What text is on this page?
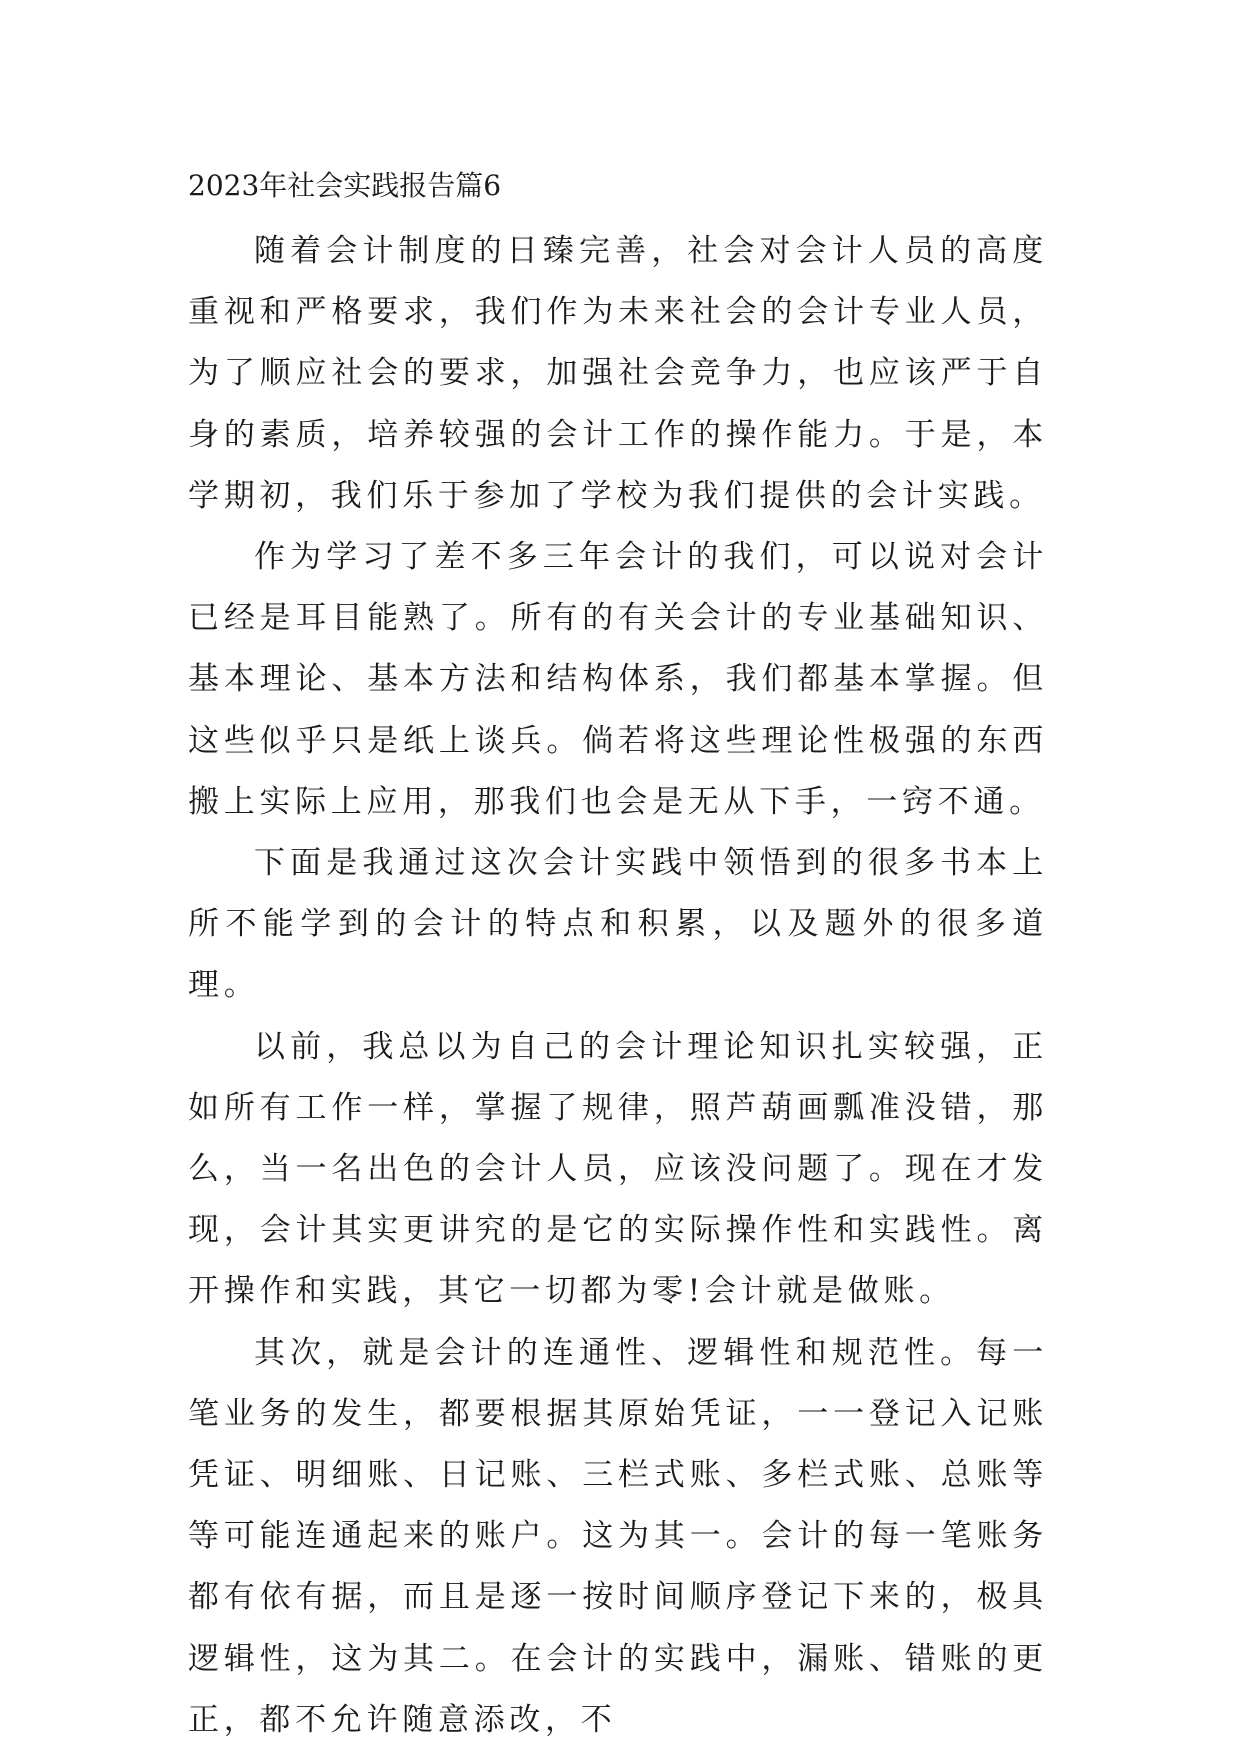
2023年社会实践报告篇6

随着会计制度的日臻完善，社会对会计人员的高度重视和严格要求，我们作为未来社会的会计专业人员，为了顺应社会的要求，加强社会竞争力，也应该严于自身的素质，培养较强的会计工作的操作能力。于是，本学期初，我们乐于参加了学校为我们提供的会计实践。

作为学习了差不多三年会计的我们，可以说对会计已经是耳目能熟了。所有的有关会计的专业基础知识、基本理论、基本方法和结构体系，我们都基本掌握。但这些似乎只是纸上谈兵。倘若将这些理论性极强的东西搬上实际上应用，那我们也会是无从下手，一窍不通。

下面是我通过这次会计实践中领悟到的很多书本上所不能学到的会计的特点和积累，以及题外的很多道理。

以前，我总以为自己的会计理论知识扎实较强，正如所有工作一样，掌握了规律，照芦葫画瓢准没错，那么，当一名出色的会计人员，应该没问题了。现在才发现，会计其实更讲究的是它的实际操作性和实践性。离开操作和实践，其它一切都为零!会计就是做账。

其次，就是会计的连通性、逻辑性和规范性。每一笔业务的发生，都要根据其原始凭证，一一登记入记账凭证、明细账、日记账、三栏式账、多栏式账、总账等等可能连通起来的账户。这为其一。会计的每一笔账务都有依有据，而且是逐一按时间顺序登记下来的，极具逻辑性，这为其二。在会计的实践中，漏账、错账的更正，都不允许随意添改，不
